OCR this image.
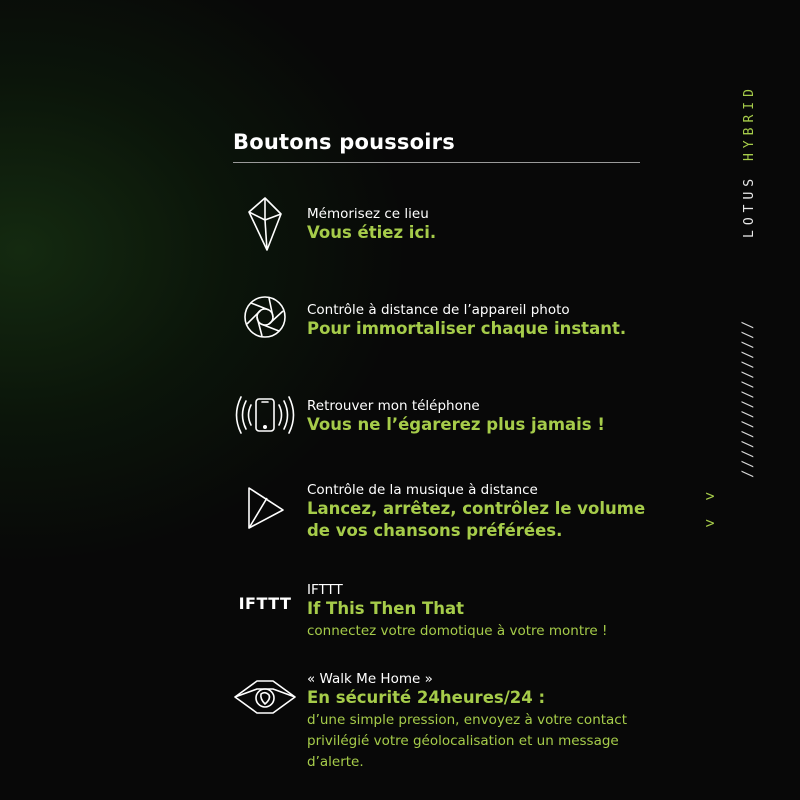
Boutons poussoirs
Mémorisez ce lieu
Vous étiez ici.
Contrôle à distance de l’appareil photo
Pour immortaliser chaque instant.
Retrouver mon téléphone
Vous ne l’égarerez plus jamais !
Contrôle de la musique à distance
Lancez, arrêtez, contrôlez le volume
de vos chansons préférées.
IFTTT
IFTTT
If This Then That
connectez votre domotique à votre montre !
« Walk Me Home »
En sécurité 24heures/24 :
d’une simple pression, envoyez à votre contact
privilégié votre géolocalisation et un message
d’alerte.
LOTUS HYBRID
////////////////
>
>
